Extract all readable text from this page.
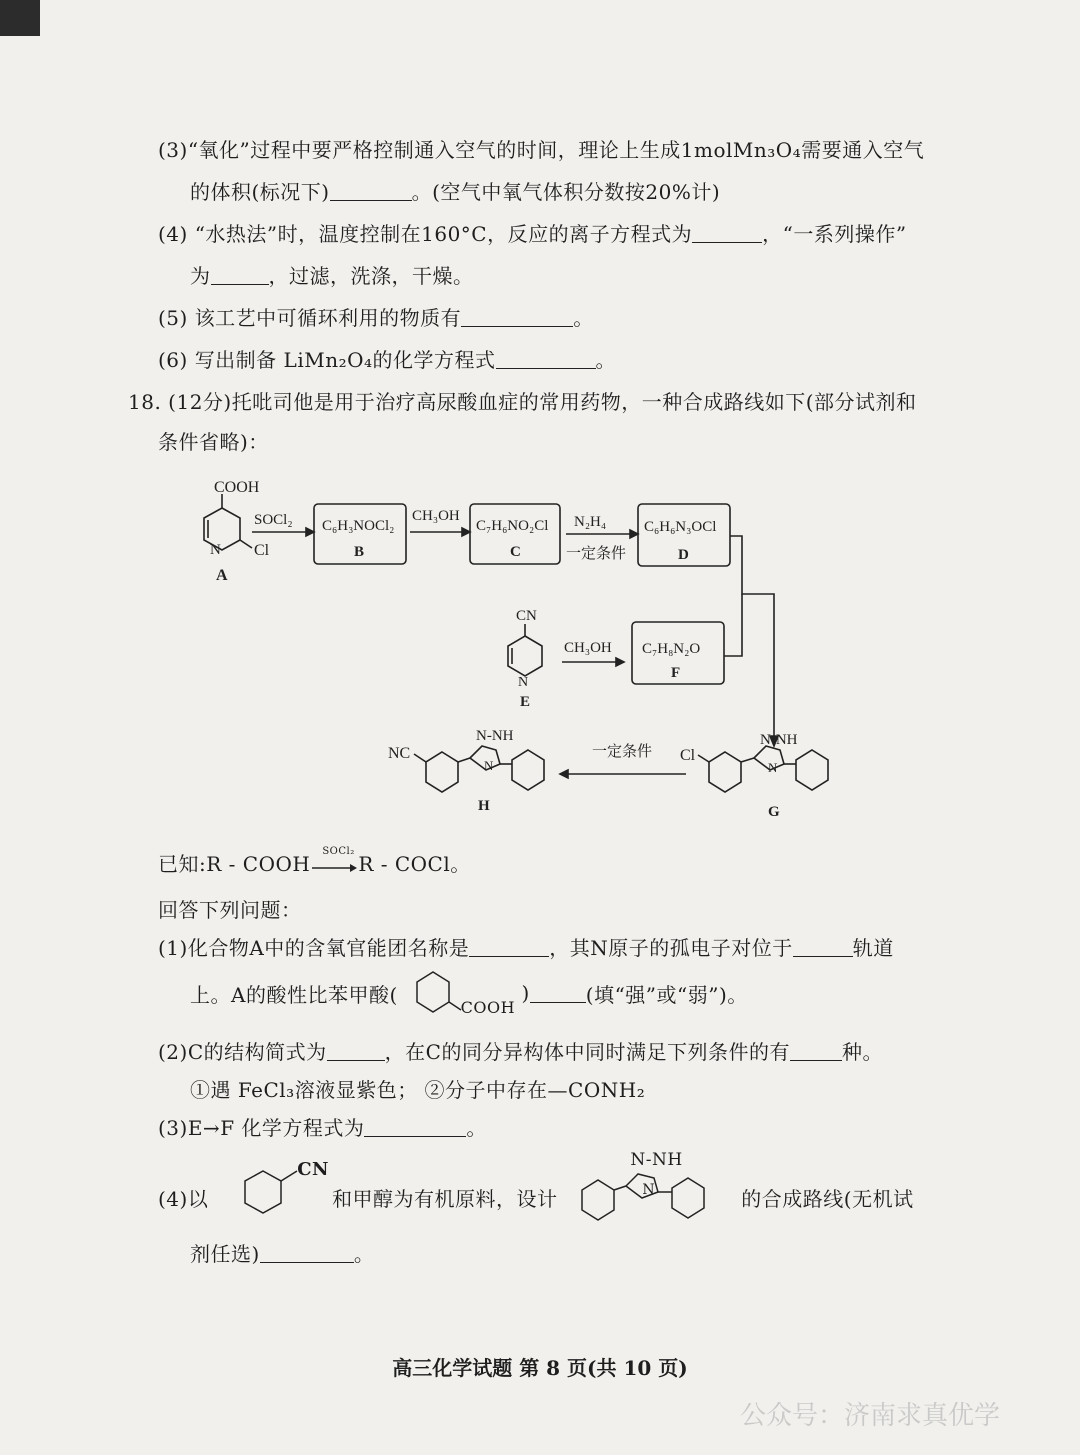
(3)“氧化”过程中要严格控制通入空气的时间，理论上生成1molMn₃O₄需要通入空气
的体积(标况下)	。(空气中氧气体积分数按20%计)
(4) “水热法”时，温度控制在160°C，反应的离子方程式为	，“一系列操作”
为	，过滤，洗涤，干燥。
(5) 该工艺中可循环利用的物质有	。
(6) 写出制备 LiMn₂O₄的化学方程式	。
18. (12分)托吡司他是用于治疗高尿酸血症的常用药物，一种合成路线如下(部分试剂和
条件省略)：
COOH
N Cl
A
SOCl₂ C₆H₃NOCl₂
B
CH₃OH
C₇H₆NO₂Cl
C
N₂H₄
一定条件
C₆H₆N₃OCl
D
CN
N
E
CH₃OH C₇H₈N₂O
F
Cl
N-NH
N
G
一定条件
NC
N-NH
N
H
已知:R - COOH
SOCl₂
R - COCl。
回答下列问题：
(1)化合物A中的含氧官能团名称是	，其N原子的孤电子对位于	轨道
上。A的酸性比苯甲酸(
COOH
)	(填“强”或“弱”)。
(2)C的结构简式为	，在C的同分异构体中同时满足下列条件的有	种。
①遇 FeCl₃溶液显紫色； ②分子中存在—CONH₂
(3)E→F 化学方程式为	。
(4)以
CN
和甲醇为有机原料，设计
N-NH
N	的合成路线(无机试
剂任选)	。
高三化学试题 第 8 页(共 10 页)
公众号：济南求真优学
